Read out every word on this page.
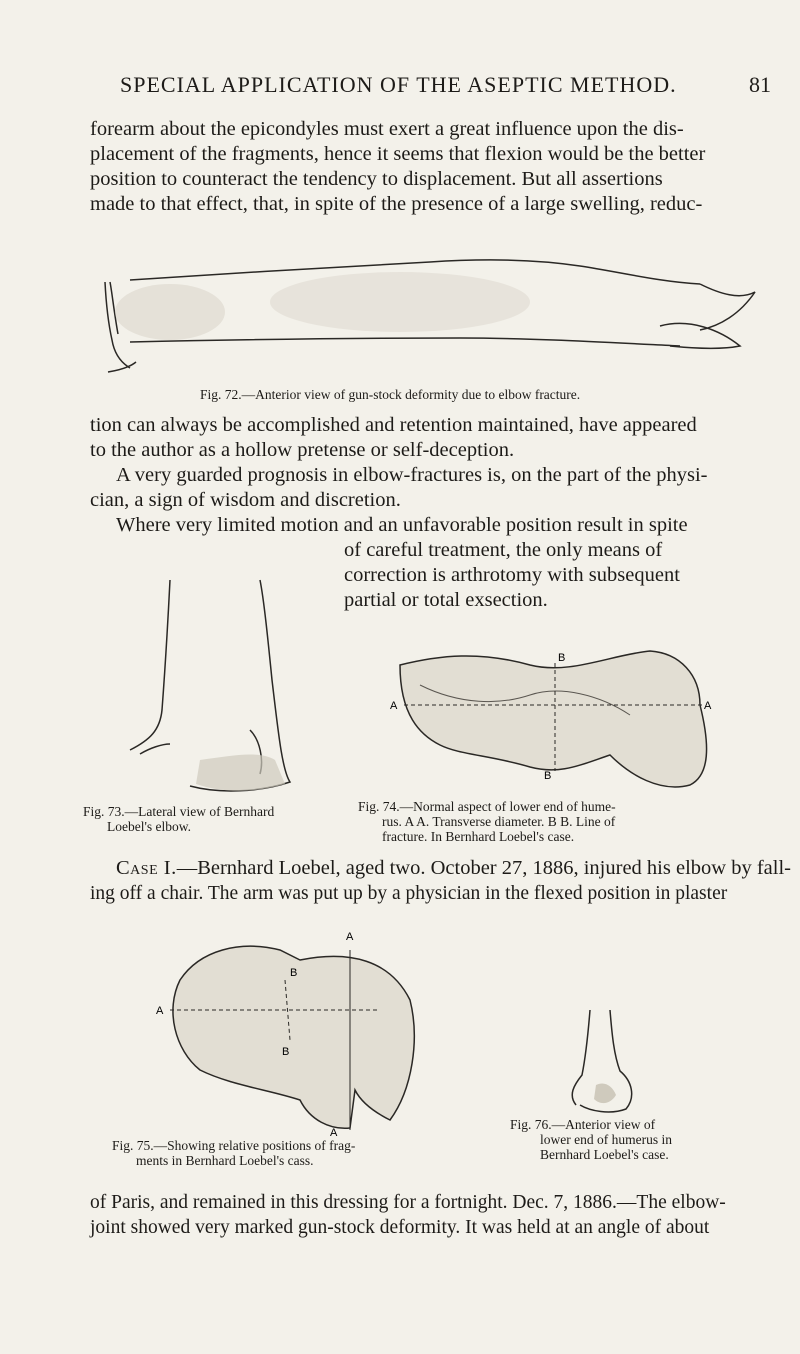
SPECIAL APPLICATION OF THE ASEPTIC METHOD.	81
forearm about the epicondyles must exert a great influence upon the dis-
placement of the fragments, hence it seems that flexion would be the better
position to counteract the tendency to displacement. But all assertions
made to that effect, that, in spite of the presence of a large swelling, reduc-
Fig. 72.—Anterior view of gun-stock deformity due to elbow fracture.
tion can always be accomplished and retention maintained, have appeared
to the author as a hollow pretense or self-deception.
A very guarded prognosis in elbow-fractures is, on the part of the physi-
cian, a sign of wisdom and discretion.
Where very limited motion and an unfavorable position result in spite
of careful treatment, the only means of
correction is arthrotomy with subsequent
partial or total exsection.
Fig. 73.—Lateral view of Bernhard
Loebel's elbow.
A	A
B
B
Fig. 74.—Normal aspect of lower end of hume-
rus. A A. Transverse diameter. B B. Line of
fracture. In Bernhard Loebel's case.
Case I.—Bernhard Loebel, aged two. October 27, 1886, injured his elbow by fall-
ing off a chair. The arm was put up by a physician in the flexed position in plaster
A
B
A
B
A
Fig. 75.—Showing relative positions of frag-
ments in Bernhard Loebel's cass.
Fig. 76.—Anterior view of
lower end of humerus in
Bernhard Loebel's case.
of Paris, and remained in this dressing for a fortnight. Dec. 7, 1886.—The elbow-
joint showed very marked gun-stock deformity. It was held at an angle of about
